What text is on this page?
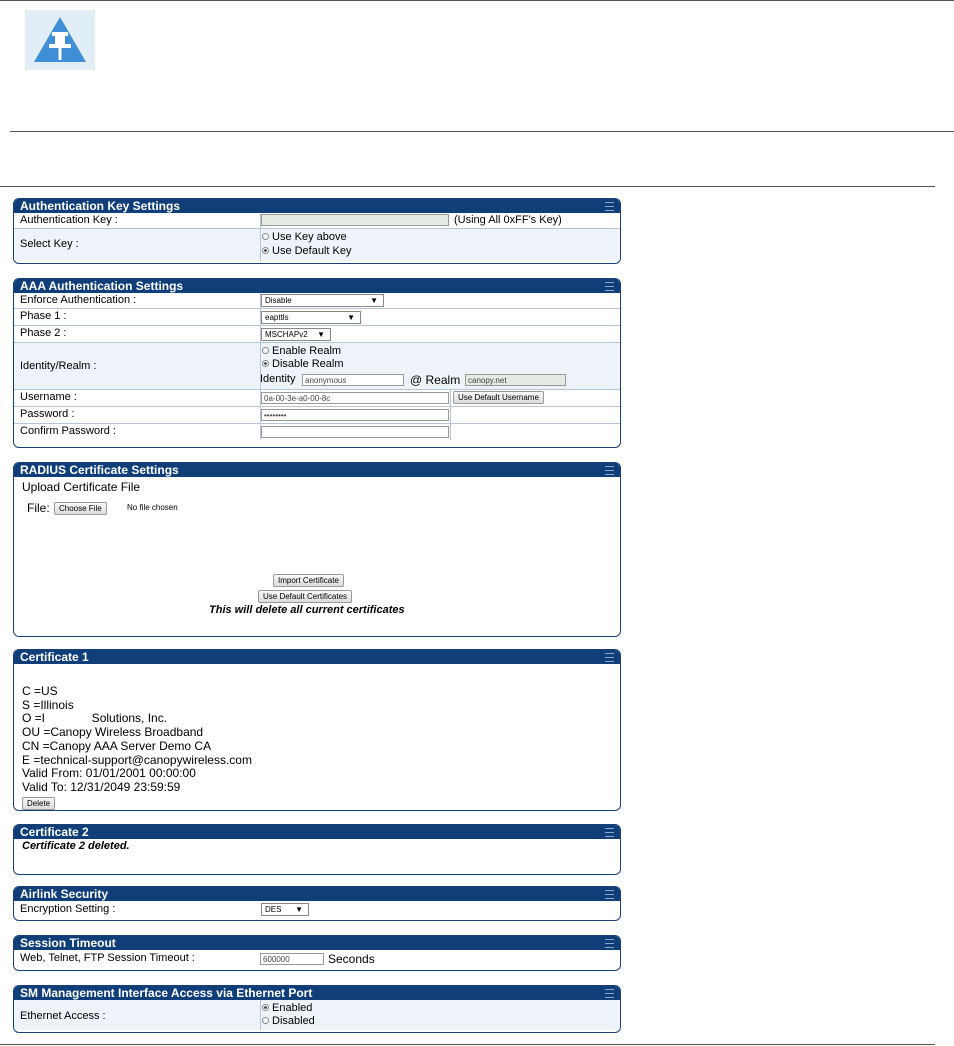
Authentication Key Settings
Authentication Key :	(Using All 0xFF's Key)
Select Key :
Use Key above
Use Default Key
AAA Authentication Settings
Enforce Authentication :	Disable	▼
Phase 1 :	eapttls	▼
Phase 2 :	MSCHAPv2 ▼
Identity/Realm :
Enable Realm
Disable Realm
Identity	anonymous	@ Realm canopy.net
Username :	0a-00-3e-a0-00-8c	Use Default Username
Password :	••••••••
Confirm Password :
RADIUS Certificate Settings
Upload Certificate File
File:	Choose File	No file chosen
Import Certificate
Use Default Certificates
This will delete all current certificates
Certificate 1
C =US
S =Illinois
O =I              Solutions, Inc.
OU =Canopy Wireless Broadband
CN =Canopy AAA Server Demo CA
E =technical-support@canopywireless.com
Valid From: 01/01/2001 00:00:00
Valid To: 12/31/2049 23:59:59
Delete
Certificate 2
Certificate 2 deleted.
Airlink Security
Encryption Setting :	DES ▼
Session Timeout
Web, Telnet, FTP Session Timeout :	600000	Seconds
SM Management Interface Access via Ethernet Port
Ethernet Access :
Enabled
Disabled
